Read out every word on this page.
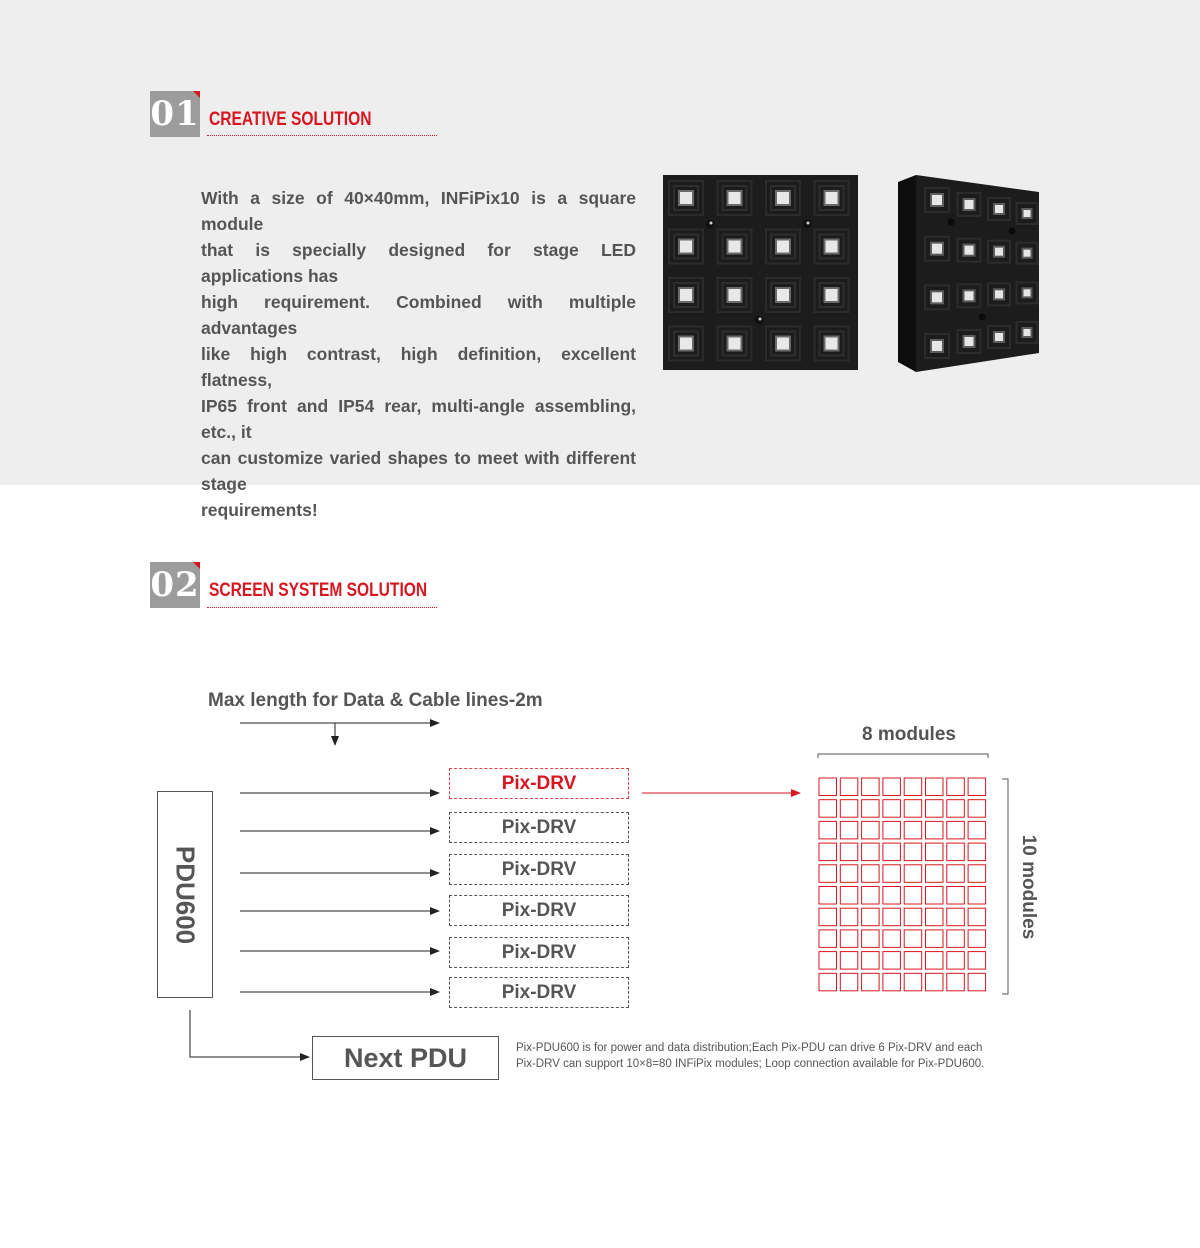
01 CREATIVE SOLUTION
With a size of 40×40mm, INFiPix10 is a square module
that is specially designed for stage LED applications has
high requirement. Combined with multiple advantages
like high contrast, high definition, excellent flatness,
IP65 front and IP54 rear, multi-angle assembling, etc., it
can customize varied shapes to meet with different stage
requirements!
02 SCREEN SYSTEM SOLUTION
Max length for Data & Cable lines-2m
PDU600
Pix-DRV
Pix-DRV
Pix-DRV
Pix-DRV
Pix-DRV
Pix-DRV
Next PDU	Pix-PDU600 is for power and data distribution;Each Pix-PDU can drive 6 Pix-DRV and each
Pix-DRV can support 10×8=80 INFiPix modules; Loop connection available for Pix-PDU600.
8 modules
10 modules
